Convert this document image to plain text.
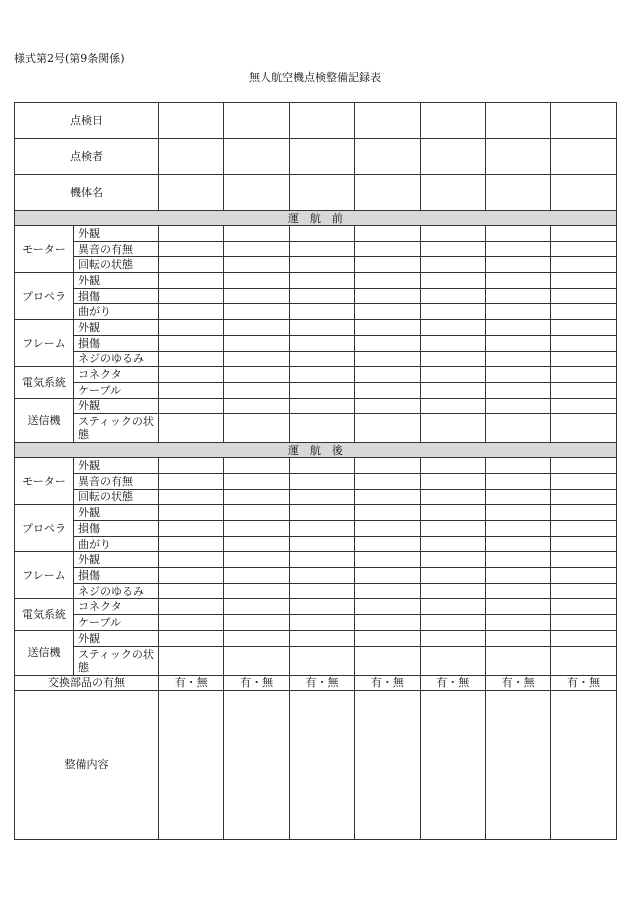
様式第2号(第9条関係)
無人航空機点検整備記録表
点検日								
点検者								
機体名								
運　航　前								
モーター	外観							
	異音の有無							
	回転の状態							
プロペラ	外観							
	損傷							
	曲がり							
フレーム	外観							
	損傷							
	ネジのゆるみ							
電気系統	コネクタ							
	ケーブル							
送信機	外観							
	スティックの状態							
運　航　後								
モーター	外観							
	異音の有無							
	回転の状態							
プロペラ	外観							
	損傷							
	曲がり							
フレーム	外観							
	損傷							
	ネジのゆるみ							
電気系統	コネクタ							
	ケーブル							
送信機	外観							
	スティックの状態							
交換部品の有無		有・無	有・無	有・無	有・無	有・無	有・無	有・無
整備内容								
